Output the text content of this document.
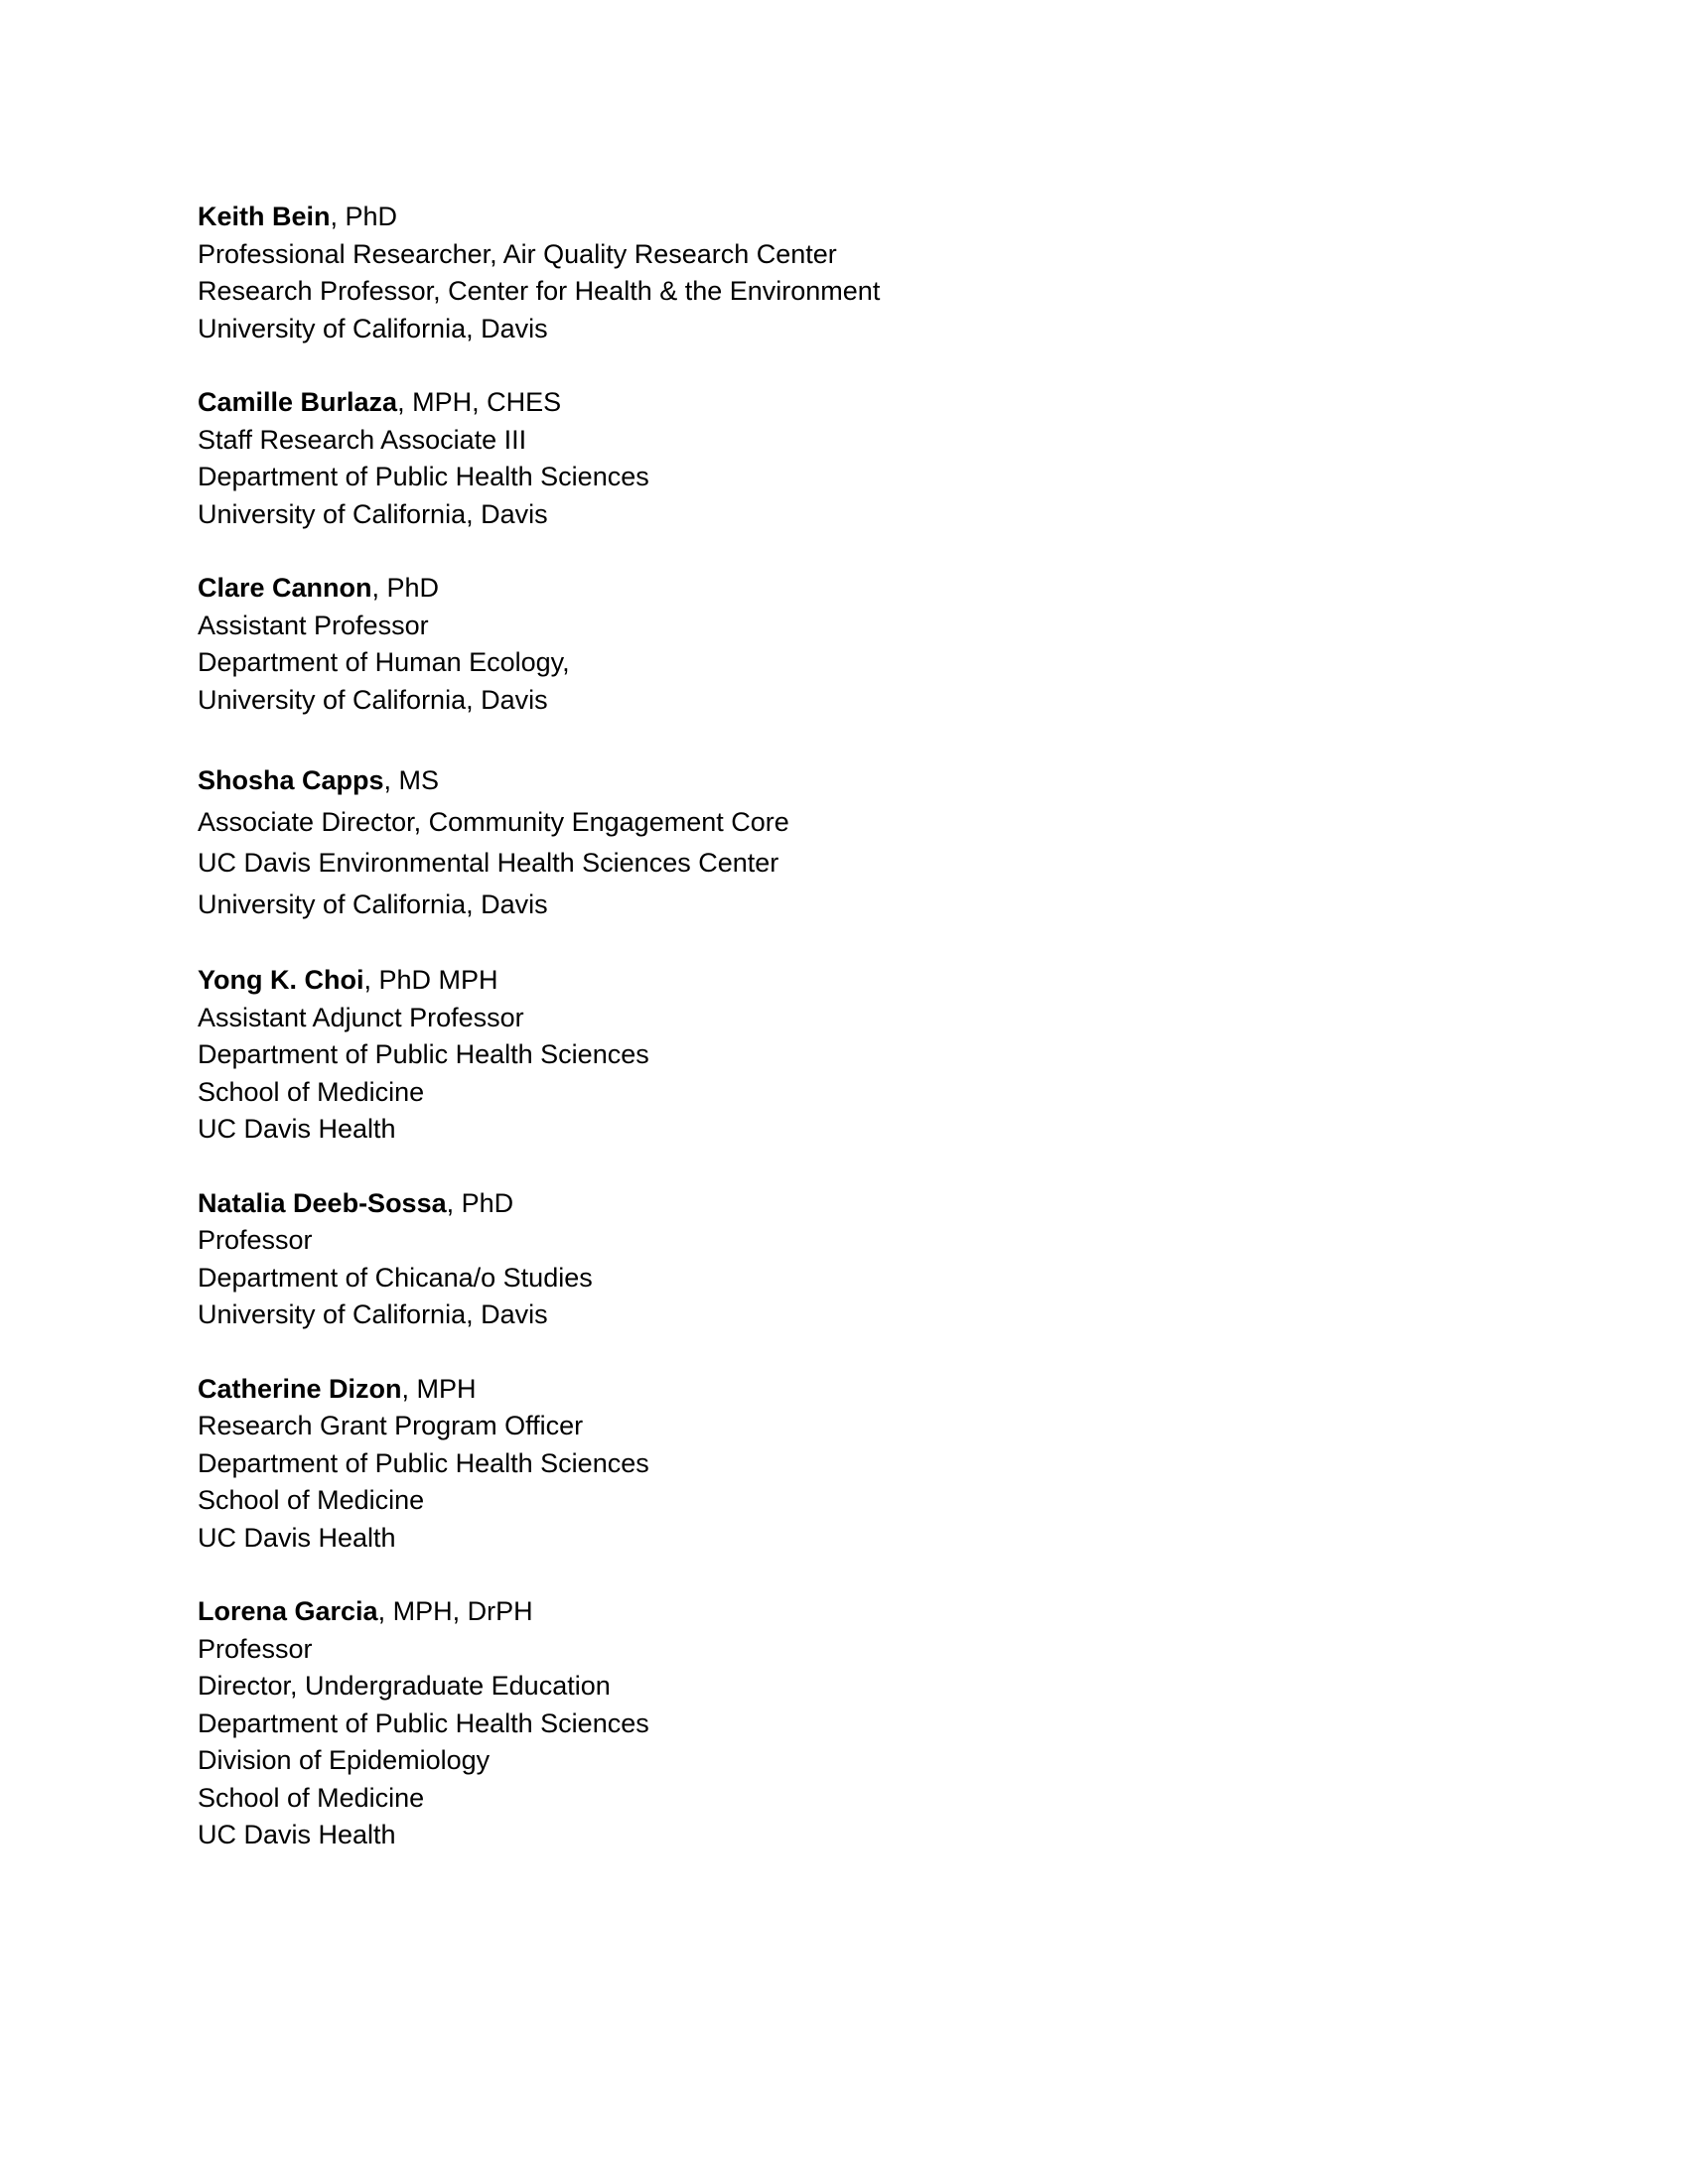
Keith Bein, PhD
Professional Researcher, Air Quality Research Center
Research Professor, Center for Health & the Environment
University of California, Davis
Camille Burlaza, MPH, CHES
Staff Research Associate III
Department of Public Health Sciences
University of California, Davis
Clare Cannon, PhD
Assistant Professor
Department of Human Ecology,
University of California, Davis
Shosha Capps, MS
Associate Director, Community Engagement Core
UC Davis Environmental Health Sciences Center
University of California, Davis
Yong K. Choi, PhD MPH
Assistant Adjunct Professor
Department of Public Health Sciences
School of Medicine
UC Davis Health
Natalia Deeb-Sossa, PhD
Professor
Department of Chicana/o Studies
University of California, Davis
Catherine Dizon, MPH
Research Grant Program Officer
Department of Public Health Sciences
School of Medicine
UC Davis Health
Lorena Garcia, MPH, DrPH
Professor
Director, Undergraduate Education
Department of Public Health Sciences
Division of Epidemiology
School of Medicine
UC Davis Health
